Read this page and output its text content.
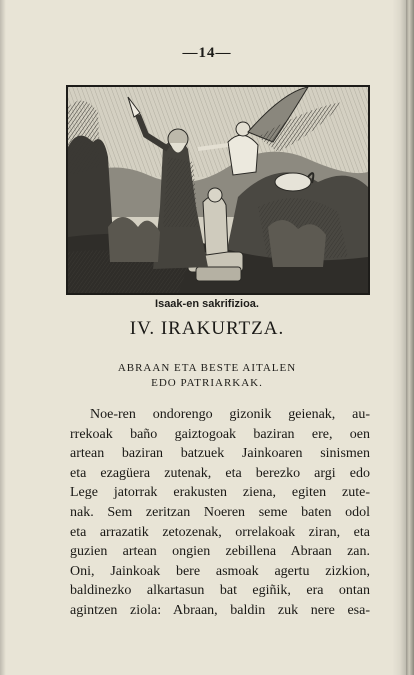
—14—
Isaak-en sakrifizioa.
IV. IRAKURTZA.
ABRAAN ETA BESTE AITALEN
EDO PATRIARKAK.
Noe-ren ondorengo gizonik geienak, au-
rrekoak baño gaiztogoak baziran ere, oen
artean baziran batzuek Jainkoaren sinismen
eta ezagüera zutenak, eta berezko argi edo
Lege jatorrak erakusten ziena, egiten zute-
nak. Sem zeritzan Noeren seme baten odol
eta arrazatik zetozenak, orrelakoak ziran, eta
guzien artean ongien zebillena Abraan zan.
Oni, Jainkoak bere asmoak agertu zizkion,
baldinezko alkartasun bat egiñik, era ontan
agintzen ziola: Abraan, baldin zuk nere esa-
